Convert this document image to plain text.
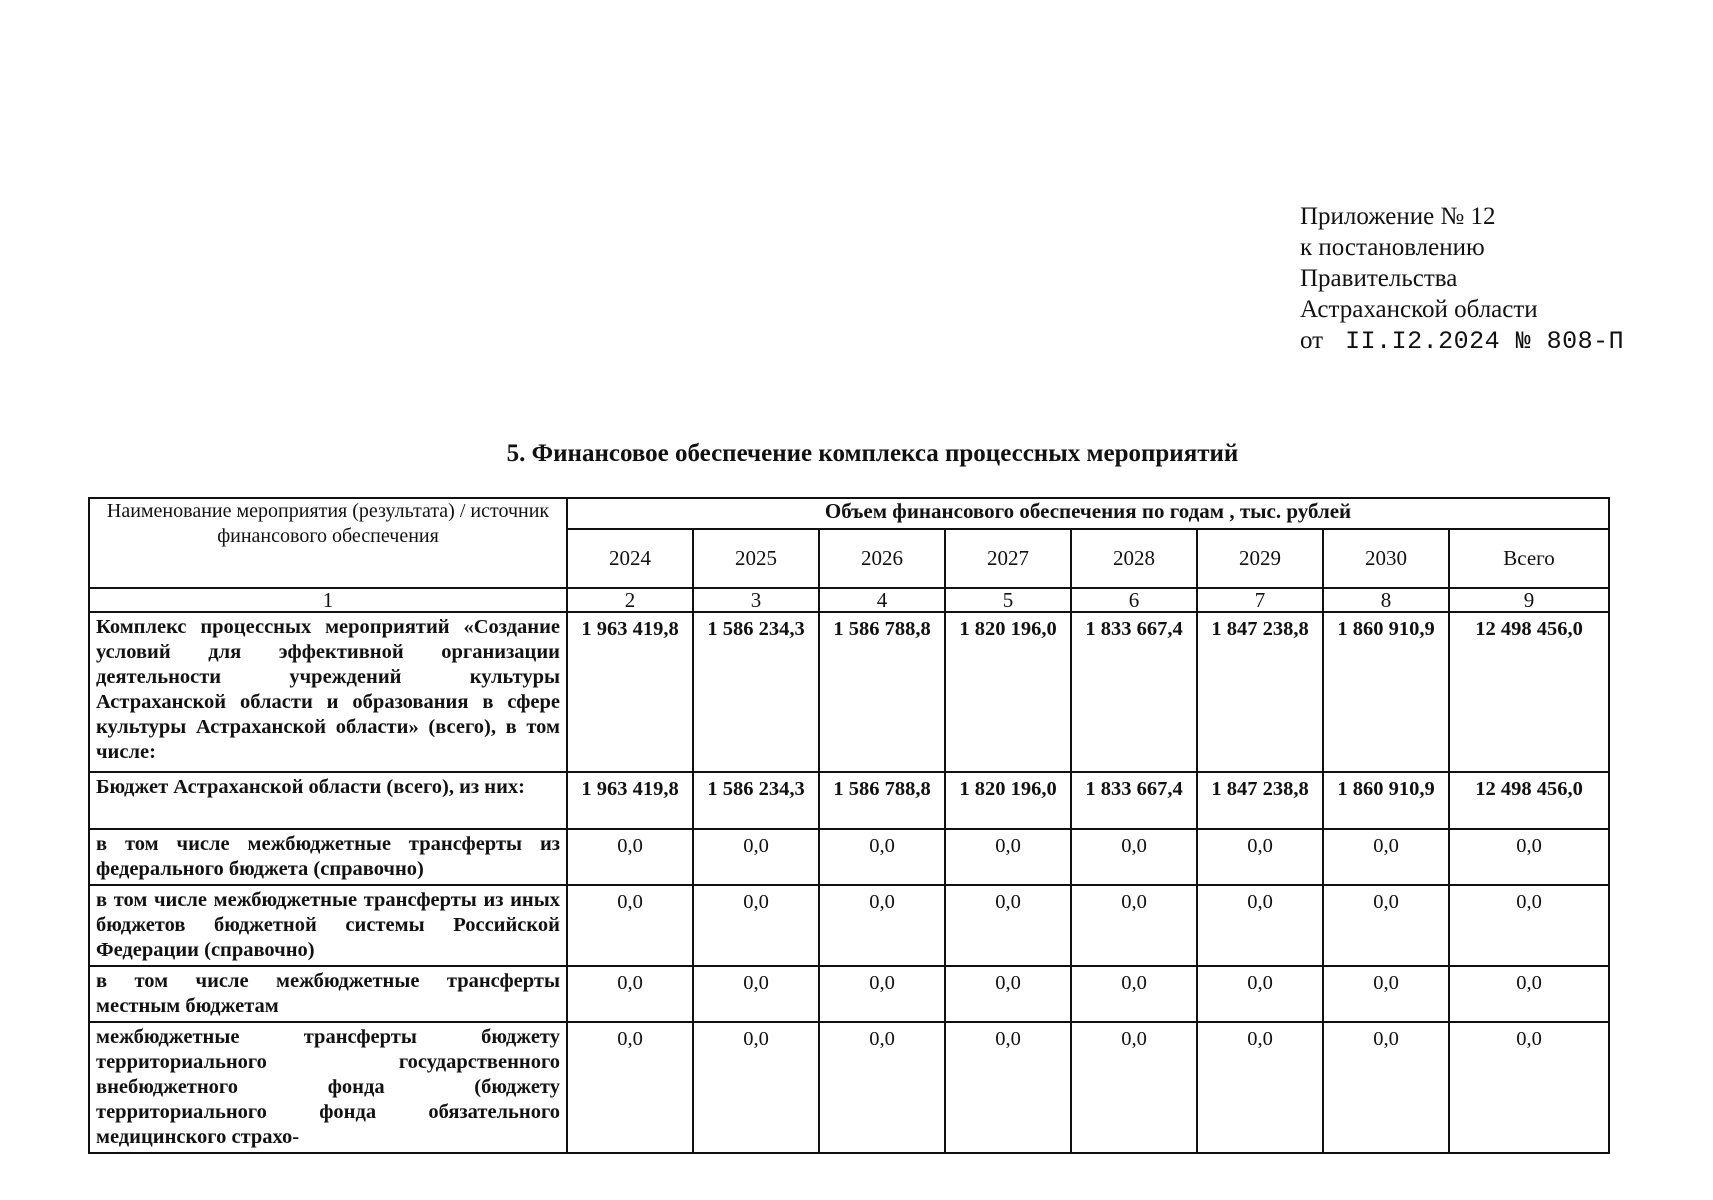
Приложение № 12
к постановлению
Правительства
Астраханской области
от II.I2.2024 № 808-П
5. Финансовое обеспечение комплекса процессных мероприятий
Наименование мероприятия (результата) / источник финансового обеспечения	Объем финансового обеспечения по годам , тыс. рублей							
	2024	2025	2026	2027	2028	2029	2030	Всего
1	2	3	4	5	6	7	8	9
Комплекс процессных мероприятий «Создание условий для эффективной организации деятельности учреждений культуры Астраханской области и образования в сфере культуры Астраханской области» (всего), в том числе:	1 963 419,8	1 586 234,3	1 586 788,8	1 820 196,0	1 833 667,4	1 847 238,8	1 860 910,9	12 498 456,0
Бюджет Астраханской области (всего), из них:	1 963 419,8	1 586 234,3	1 586 788,8	1 820 196,0	1 833 667,4	1 847 238,8	1 860 910,9	12 498 456,0
в том числе межбюджетные трансферты из федерального бюджета (справочно)	0,0	0,0	0,0	0,0	0,0	0,0	0,0	0,0
в том числе межбюджетные трансферты из иных бюджетов бюджетной системы Российской Федерации (справочно)	0,0	0,0	0,0	0,0	0,0	0,0	0,0	0,0
в том числе межбюджетные трансферты местным бюджетам	0,0	0,0	0,0	0,0	0,0	0,0	0,0	0,0
межбюджетные трансферты бюджету территориального государственного внебюджетного фонда (бюджету территориального фонда обязательного медицинского страхо-	0,0	0,0	0,0	0,0	0,0	0,0	0,0	0,0
